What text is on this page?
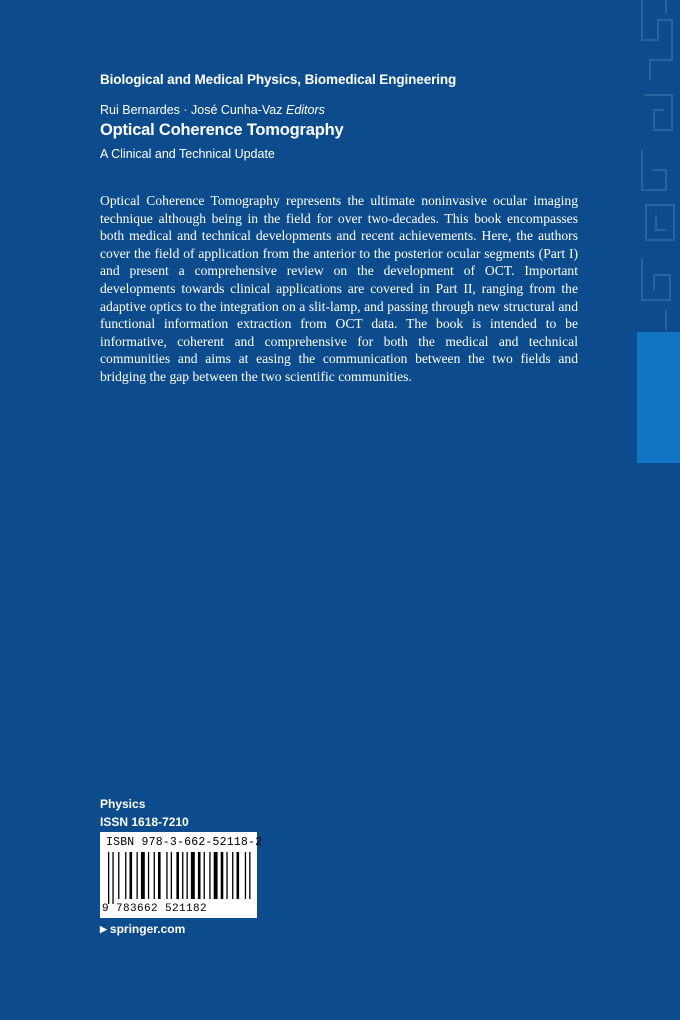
Biological and Medical Physics, Biomedical Engineering
Rui Bernardes · José Cunha-Vaz Editors
Optical Coherence Tomography
A Clinical and Technical Update
Optical Coherence Tomography represents the ultimate noninvasive ocular imaging technique although being in the field for over two-decades. This book encompasses both medical and technical developments and recent achievements. Here, the authors cover the field of application from the anterior to the posterior ocular segments (Part I) and present a comprehensive review on the development of OCT. Important developments towards clinical applications are covered in Part II, ranging from the adaptive optics to the integration on a slit-lamp, and passing through new structural and functional information extraction from OCT data. The book is intended to be informative, coherent and comprehensive for both the medical and technical communities and aims at easing the communication between the two fields and bridging the gap between the two scientific communities.
Physics
ISSN 1618-7210
ISBN 978-3-662-52118-2
9 783662 521182
▶ springer.com
